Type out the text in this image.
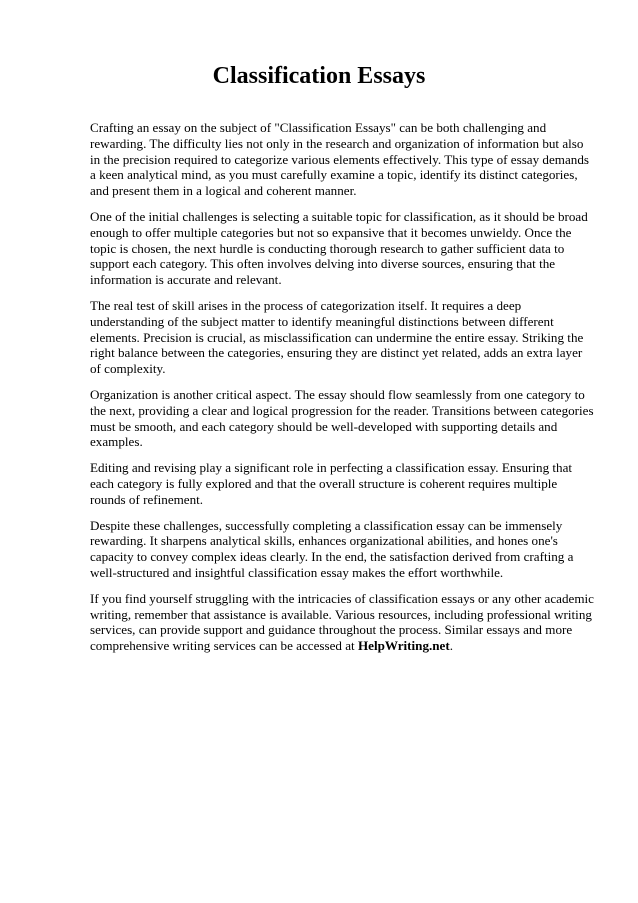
Classification Essays

Crafting an essay on the subject of "Classification Essays" can be both challenging and rewarding. The difficulty lies not only in the research and organization of information but also in the precision required to categorize various elements effectively. This type of essay demands a keen analytical mind, as you must carefully examine a topic, identify its distinct categories, and present them in a logical and coherent manner.

One of the initial challenges is selecting a suitable topic for classification, as it should be broad enough to offer multiple categories but not so expansive that it becomes unwieldy. Once the topic is chosen, the next hurdle is conducting thorough research to gather sufficient data to support each category. This often involves delving into diverse sources, ensuring that the information is accurate and relevant.

The real test of skill arises in the process of categorization itself. It requires a deep understanding of the subject matter to identify meaningful distinctions between different elements. Precision is crucial, as misclassification can undermine the entire essay. Striking the right balance between the categories, ensuring they are distinct yet related, adds an extra layer of complexity.

Organization is another critical aspect. The essay should flow seamlessly from one category to the next, providing a clear and logical progression for the reader. Transitions between categories must be smooth, and each category should be well-developed with supporting details and examples.

Editing and revising play a significant role in perfecting a classification essay. Ensuring that each category is fully explored and that the overall structure is coherent requires multiple rounds of refinement.

Despite these challenges, successfully completing a classification essay can be immensely rewarding. It sharpens analytical skills, enhances organizational abilities, and hones one's capacity to convey complex ideas clearly. In the end, the satisfaction derived from crafting a well-structured and insightful classification essay makes the effort worthwhile.

If you find yourself struggling with the intricacies of classification essays or any other academic writing, remember that assistance is available. Various resources, including professional writing services, can provide support and guidance throughout the process. Similar essays and more comprehensive writing services can be accessed at HelpWriting.net.
